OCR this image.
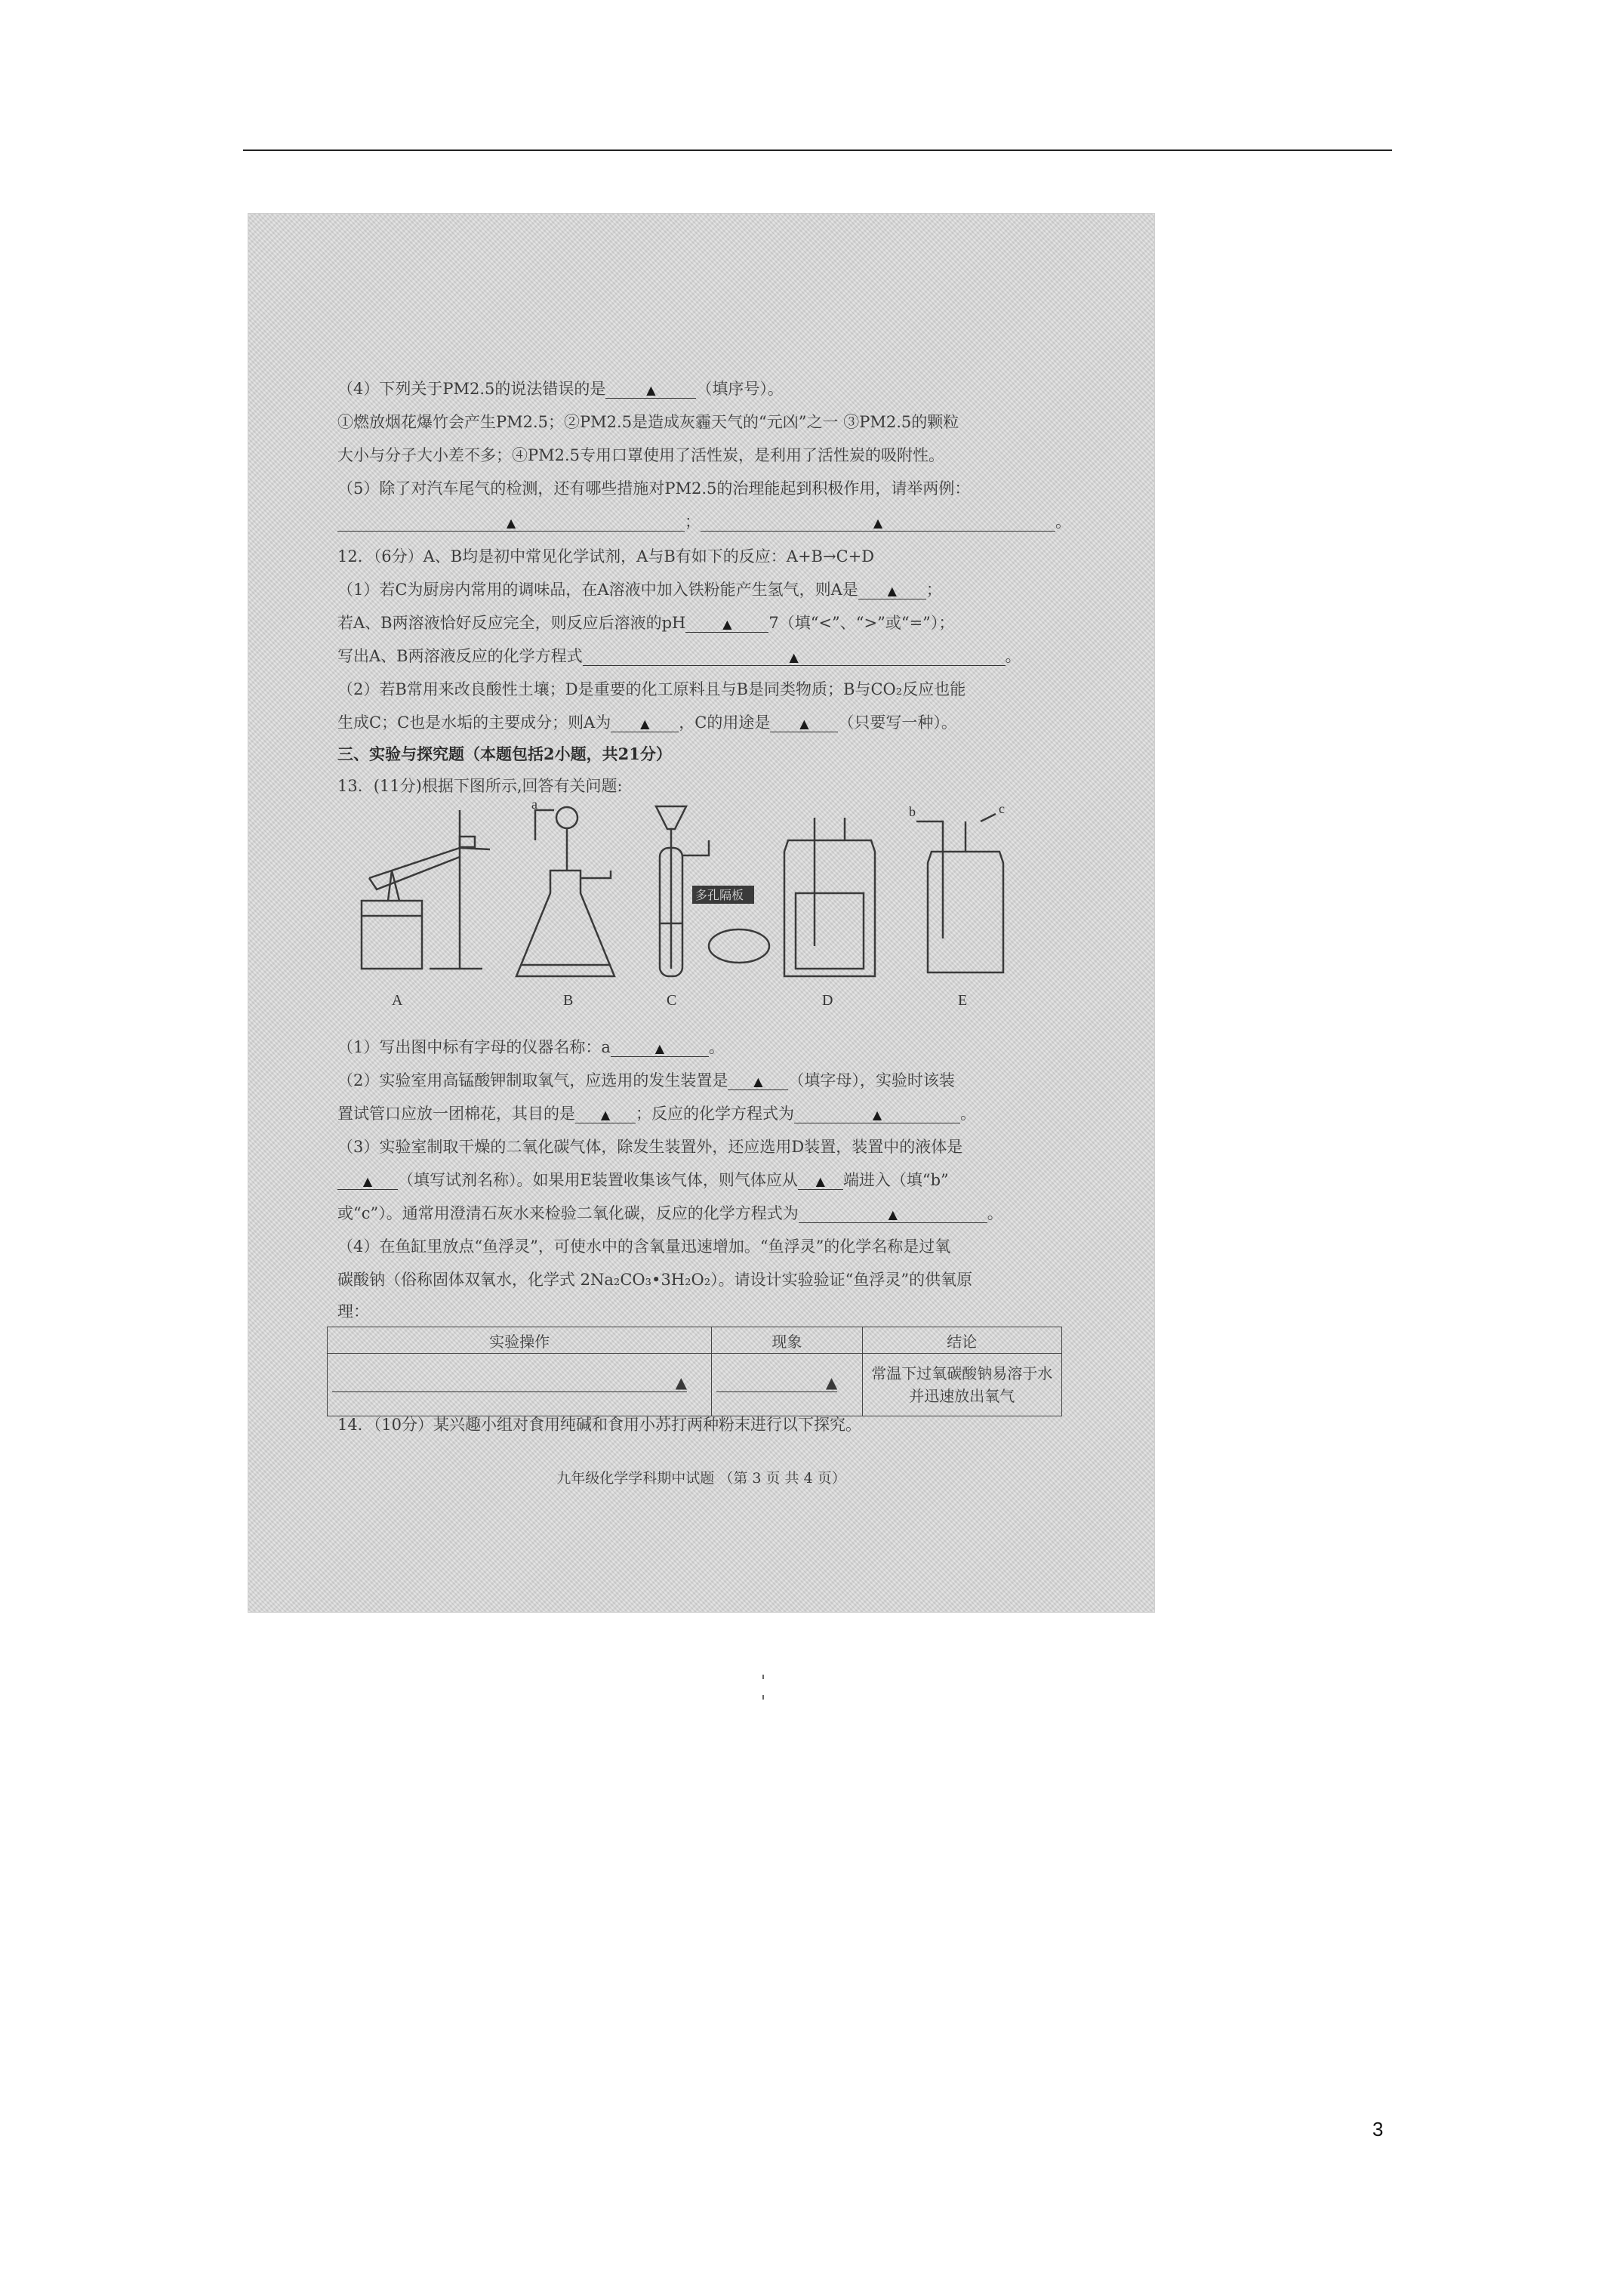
（4）下列关于PM2.5的说法错误的是	▲	（填序号）。
①燃放烟花爆竹会产生PM2.5；②PM2.5是造成灰霾天气的“元凶”之一 ③PM2.5的颗粒
大小与分子大小差不多；④PM2.5专用口罩使用了活性炭，是利用了活性炭的吸附性。
（5）除了对汽车尾气的检测，还有哪些措施对PM2.5的治理能起到积极作用，请举两例：
▲	；	▲	。
12．（6分）A、B均是初中常见化学试剂，A与B有如下的反应：A+B→C+D
（1）若C为厨房内常用的调味品，在A溶液中加入铁粉能产生氢气，则A是 ▲ ；
若A、B两溶液恰好反应完全，则反应后溶液的pH	▲ 7（填“<”、“>”或“=”）；
写出A、B两溶液反应的化学方程式	▲	。
（2）若B常用来改良酸性土壤；D是重要的化工原料且与B是同类物质；B与CO₂反应也能
生成C；C也是水垢的主要成分；则A为 ▲ ，C的用途是 ▲ （只要写一种）。
三、实验与探究题（本题包括2小题，共21分）
13．(11分)根据下图所示,回答有关问题:
A
a
B
多孔隔板
C	D
b	c
E
（1）写出图中标有字母的仪器名称：a	▲	。
（2）实验室用高锰酸钾制取氧气，应选用的发生装置是 ▲ （填字母），实验时该装
置试管口应放一团棉花，其目的是 ▲ ；反应的化学方程式为	▲	。
（3）实验室制取干燥的二氧化碳气体，除发生装置外，还应选用D装置，装置中的液体是
▲ （填写试剂名称）。如果用E装置收集该气体，则气体应从 ▲ 端进入（填“b”
或“c”）。通常用澄清石灰水来检验二氧化碳，反应的化学方程式为	▲	。
（4）在鱼缸里放点“鱼浮灵”，可使水中的含氧量迅速增加。“鱼浮灵”的化学名称是过氧
碳酸钠（俗称固体双氧水，化学式 2Na₂CO₃•3H₂O₂）。请设计实验验证“鱼浮灵”的供氧原
理：
实验操作	现象	结论

▲	▲	常温下过氧碳酸钠易溶于水并迅速放出氧气
14．（10分）某兴趣小组对食用纯碱和食用小苏打两种粉末进行以下探究。
九年级化学学科期中试题 （第 3 页 共 4 页）
3
